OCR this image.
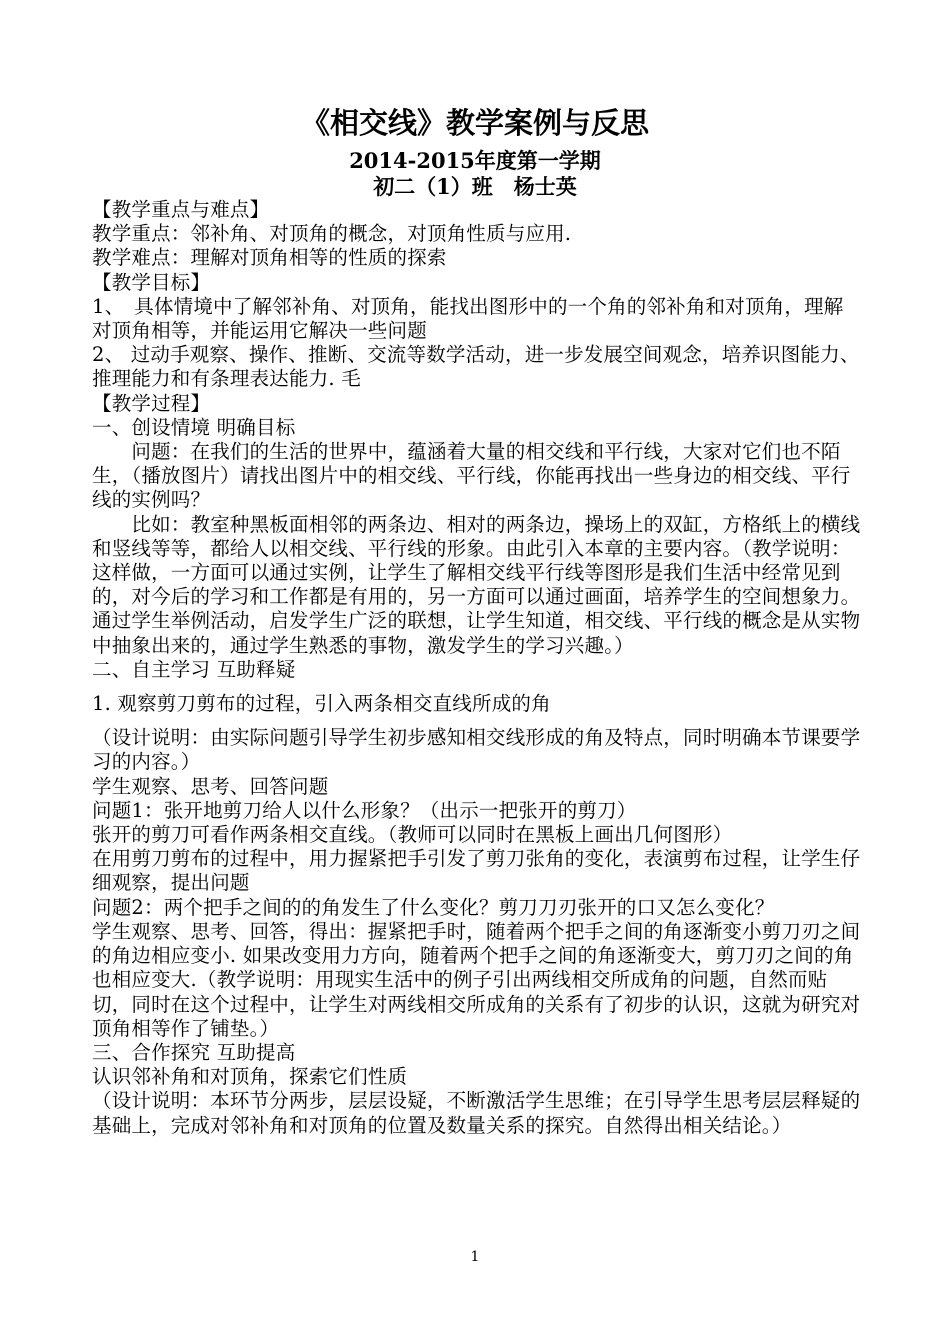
《相交线》教学案例与反思
2014-2015年度第一学期
初二（1）班　杨士英

【教学重点与难点】

教学重点：邻补角、对顶角的概念，对顶角性质与应用.

教学难点：理解对顶角相等的性质的探索

【教学目标】

1、　具体情境中了解邻补角、对顶角，能找出图形中的一个角的邻补角和对顶角，理解对顶角相等，并能运用它解决一些问题

2、 过动手观察、操作、推断、交流等数学活动，进一步发展空间观念，培养识图能力、推理能力和有条理表达能力. 毛

【教学过程】

一、创设情境 明确目标

　　问题：在我们的生活的世界中，蕴涵着大量的相交线和平行线，大家对它们也不陌生，（播放图片）请找出图片中的相交线、平行线，你能再找出一些身边的相交线、平行线的实例吗？

　　比如：教室种黑板面相邻的两条边、相对的两条边，操场上的双缸，方格纸上的横线和竖线等等，都给人以相交线、平行线的形象。由此引入本章的主要内容。（教学说明：这样做，一方面可以通过实例，让学生了解相交线平行线等图形是我们生活中经常见到的，对今后的学习和工作都是有用的，另一方面可以通过画面，培养学生的空间想象力。通过学生举例活动，启发学生广泛的联想，让学生知道，相交线、平行线的概念是从实物中抽象出来的，通过学生熟悉的事物，激发学生的学习兴趣。）

二、自主学习 互助释疑

1. 观察剪刀剪布的过程，引入两条相交直线所成的角

（设计说明：由实际问题引导学生初步感知相交线形成的角及特点，同时明确本节课要学习的内容。）

学生观察、思考、回答问题

问题1：张开地剪刀给人以什么形象？（出示一把张开的剪刀）

张开的剪刀可看作两条相交直线。（教师可以同时在黑板上画出几何图形）

在用剪刀剪布的过程中，用力握紧把手引发了剪刀张角的变化，表演剪布过程，让学生仔细观察，提出问题

问题2：两个把手之间的的角发生了什么变化？剪刀刀刃张开的口又怎么变化？

学生观察、思考、回答，得出：握紧把手时，随着两个把手之间的角逐渐变小剪刀刃之间的角边相应变小. 如果改变用力方向，随着两个把手之间的角逐渐变大，剪刀刃之间的角也相应变大.（教学说明：用现实生活中的例子引出两线相交所成角的问题，自然而贴切，同时在这个过程中，让学生对两线相交所成角的关系有了初步的认识，这就为研究对顶角相等作了铺垫。）

三、合作探究 互助提高

认识邻补角和对顶角，探索它们性质

（设计说明：本环节分两步，层层设疑，不断激活学生思维；在引导学生思考层层释疑的基础上，完成对邻补角和对顶角的位置及数量关系的探究。自然得出相关结论。）

1
